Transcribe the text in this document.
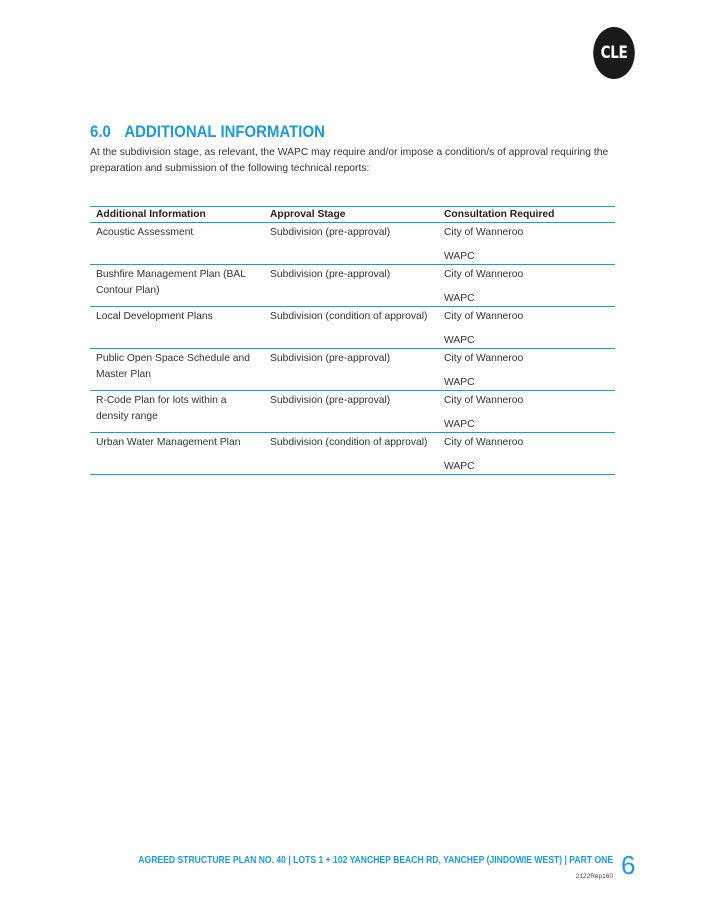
CLE
6.0 ADDITIONAL INFORMATION

At the subdivision stage, as relevant, the WAPC may require and/or impose a condition/s of approval requiring the preparation and submission of the following technical reports:

Additional Information	Approval Stage	Consultation Required
Acoustic Assessment	Subdivision (pre-approval)	City of Wanneroo
WAPC

Bushfire Management Plan (BAL Contour Plan)	Subdivision (pre-approval)	City of Wanneroo
WAPC

Local Development Plans	Subdivision (condition of approval)	City of Wanneroo
WAPC

Public Open Space Schedule and Master Plan	Subdivision (pre-approval)	City of Wanneroo
WAPC

R-Code Plan for lots within a density range	Subdivision (pre-approval)	City of Wanneroo
WAPC

Urban Water Management Plan	Subdivision (condition of approval)	City of Wanneroo
WAPC
AGREED STRUCTURE PLAN NO. 40 | LOTS 1 + 102 YANCHEP BEACH RD, YANCHEP (JINDOWIE WEST) | PART ONE
2122Rep160 6
